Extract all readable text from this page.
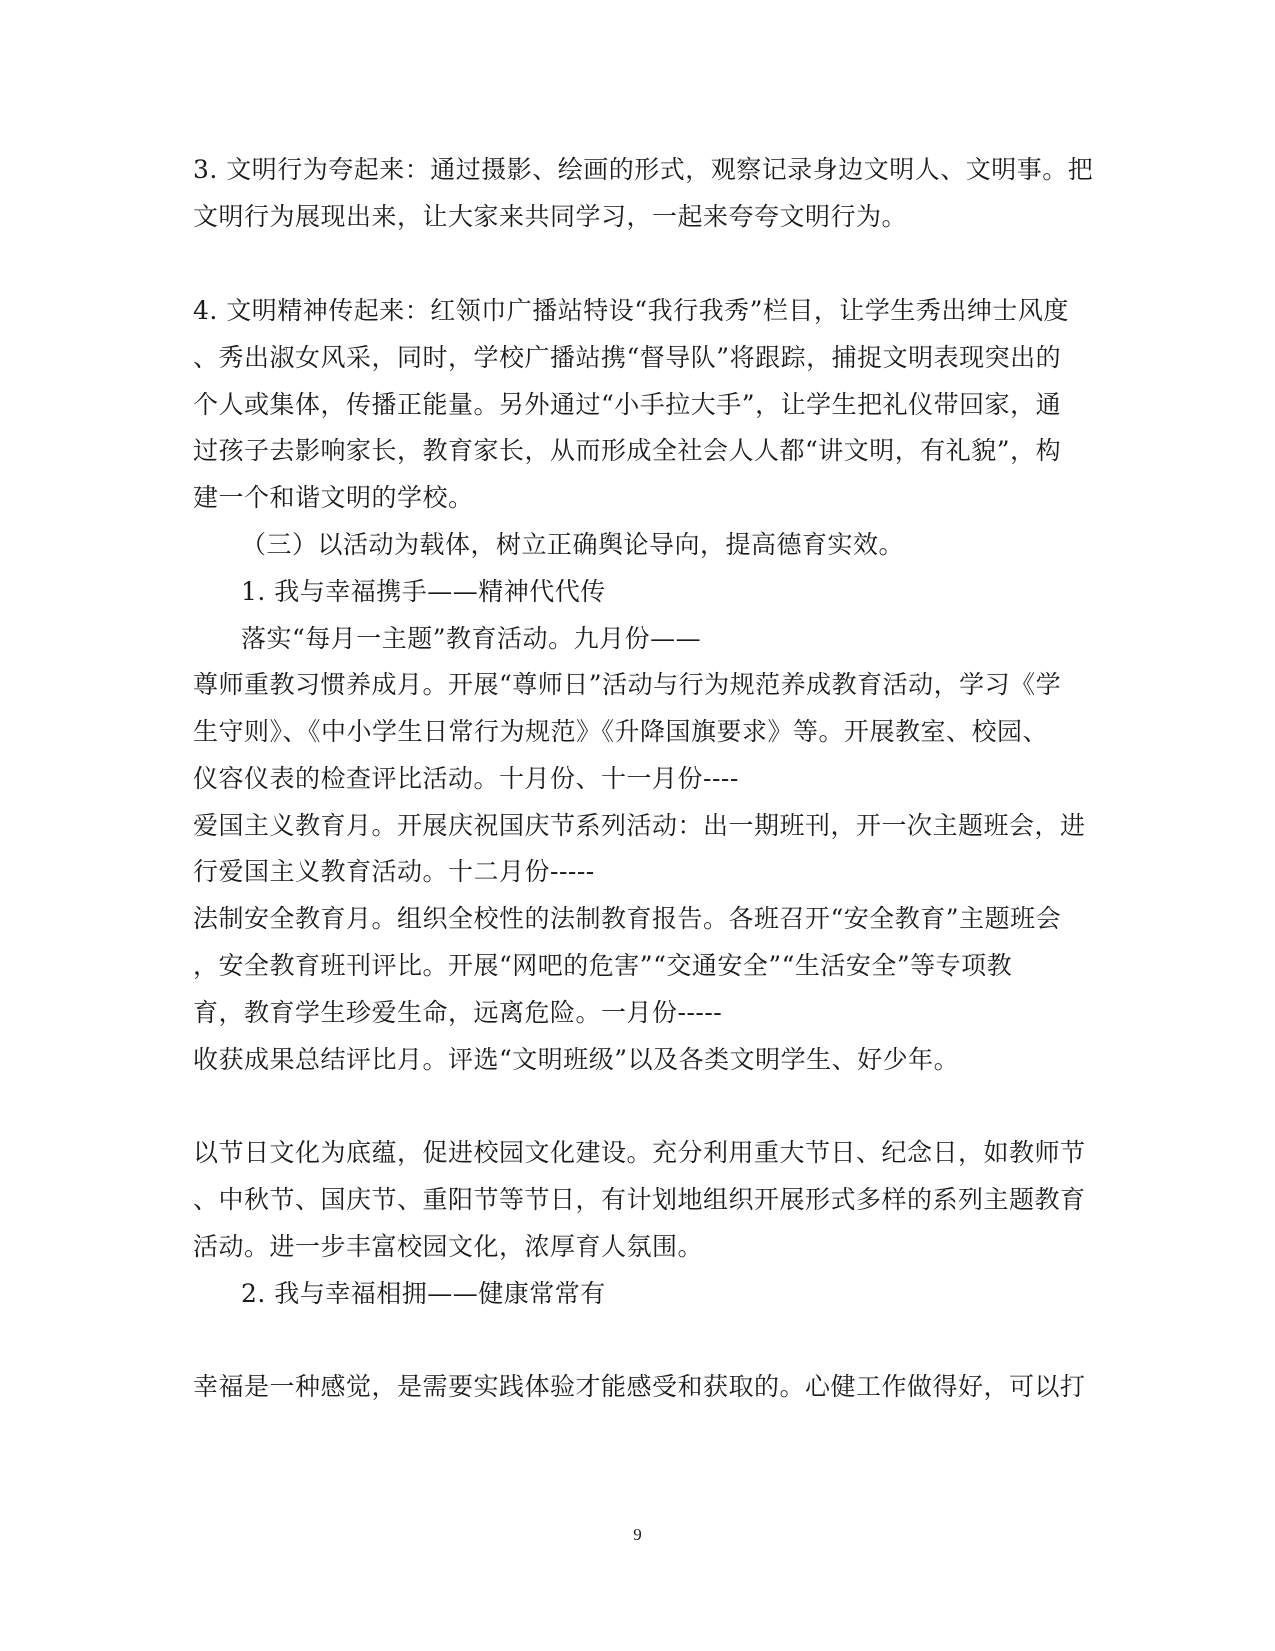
3. 文明行为夸起来：通过摄影、绘画的形式，观察记录身边文明人、文明事。把
文明行为展现出来，让大家来共同学习，一起来夸夸文明行为。
4. 文明精神传起来：红领巾广播站特设“我行我秀”栏目，让学生秀出绅士风度
、秀出淑女风采，同时，学校广播站携“督导队”将跟踪，捕捉文明表现突出的
个人或集体，传播正能量。另外通过“小手拉大手”，让学生把礼仪带回家，通
过孩子去影响家长，教育家长，从而形成全社会人人都“讲文明，有礼貌”，构
建一个和谐文明的学校。
（三）以活动为载体，树立正确舆论导向，提高德育实效。
1. 我与幸福携手——精神代代传
落实“每月一主题”教育活动。九月份——
尊师重教习惯养成月。开展“尊师日”活动与行为规范养成教育活动，学习《学
生守则》、《中小学生日常行为规范》《升降国旗要求》等。开展教室、校园、
仪容仪表的检查评比活动。十月份、十一月份----
爱国主义教育月。开展庆祝国庆节系列活动：出一期班刊，开一次主题班会，进
行爱国主义教育活动。十二月份-----
法制安全教育月。组织全校性的法制教育报告。各班召开“安全教育”主题班会
，安全教育班刊评比。开展“网吧的危害”“交通安全”“生活安全”等专项教
育，教育学生珍爱生命，远离危险。一月份-----
收获成果总结评比月。评选“文明班级”以及各类文明学生、好少年。
以节日文化为底蕴，促进校园文化建设。充分利用重大节日、纪念日，如教师节
、中秋节、国庆节、重阳节等节日，有计划地组织开展形式多样的系列主题教育
活动。进一步丰富校园文化，浓厚育人氛围。
2. 我与幸福相拥——健康常常有
幸福是一种感觉，是需要实践体验才能感受和获取的。心健工作做得好，可以打
9
